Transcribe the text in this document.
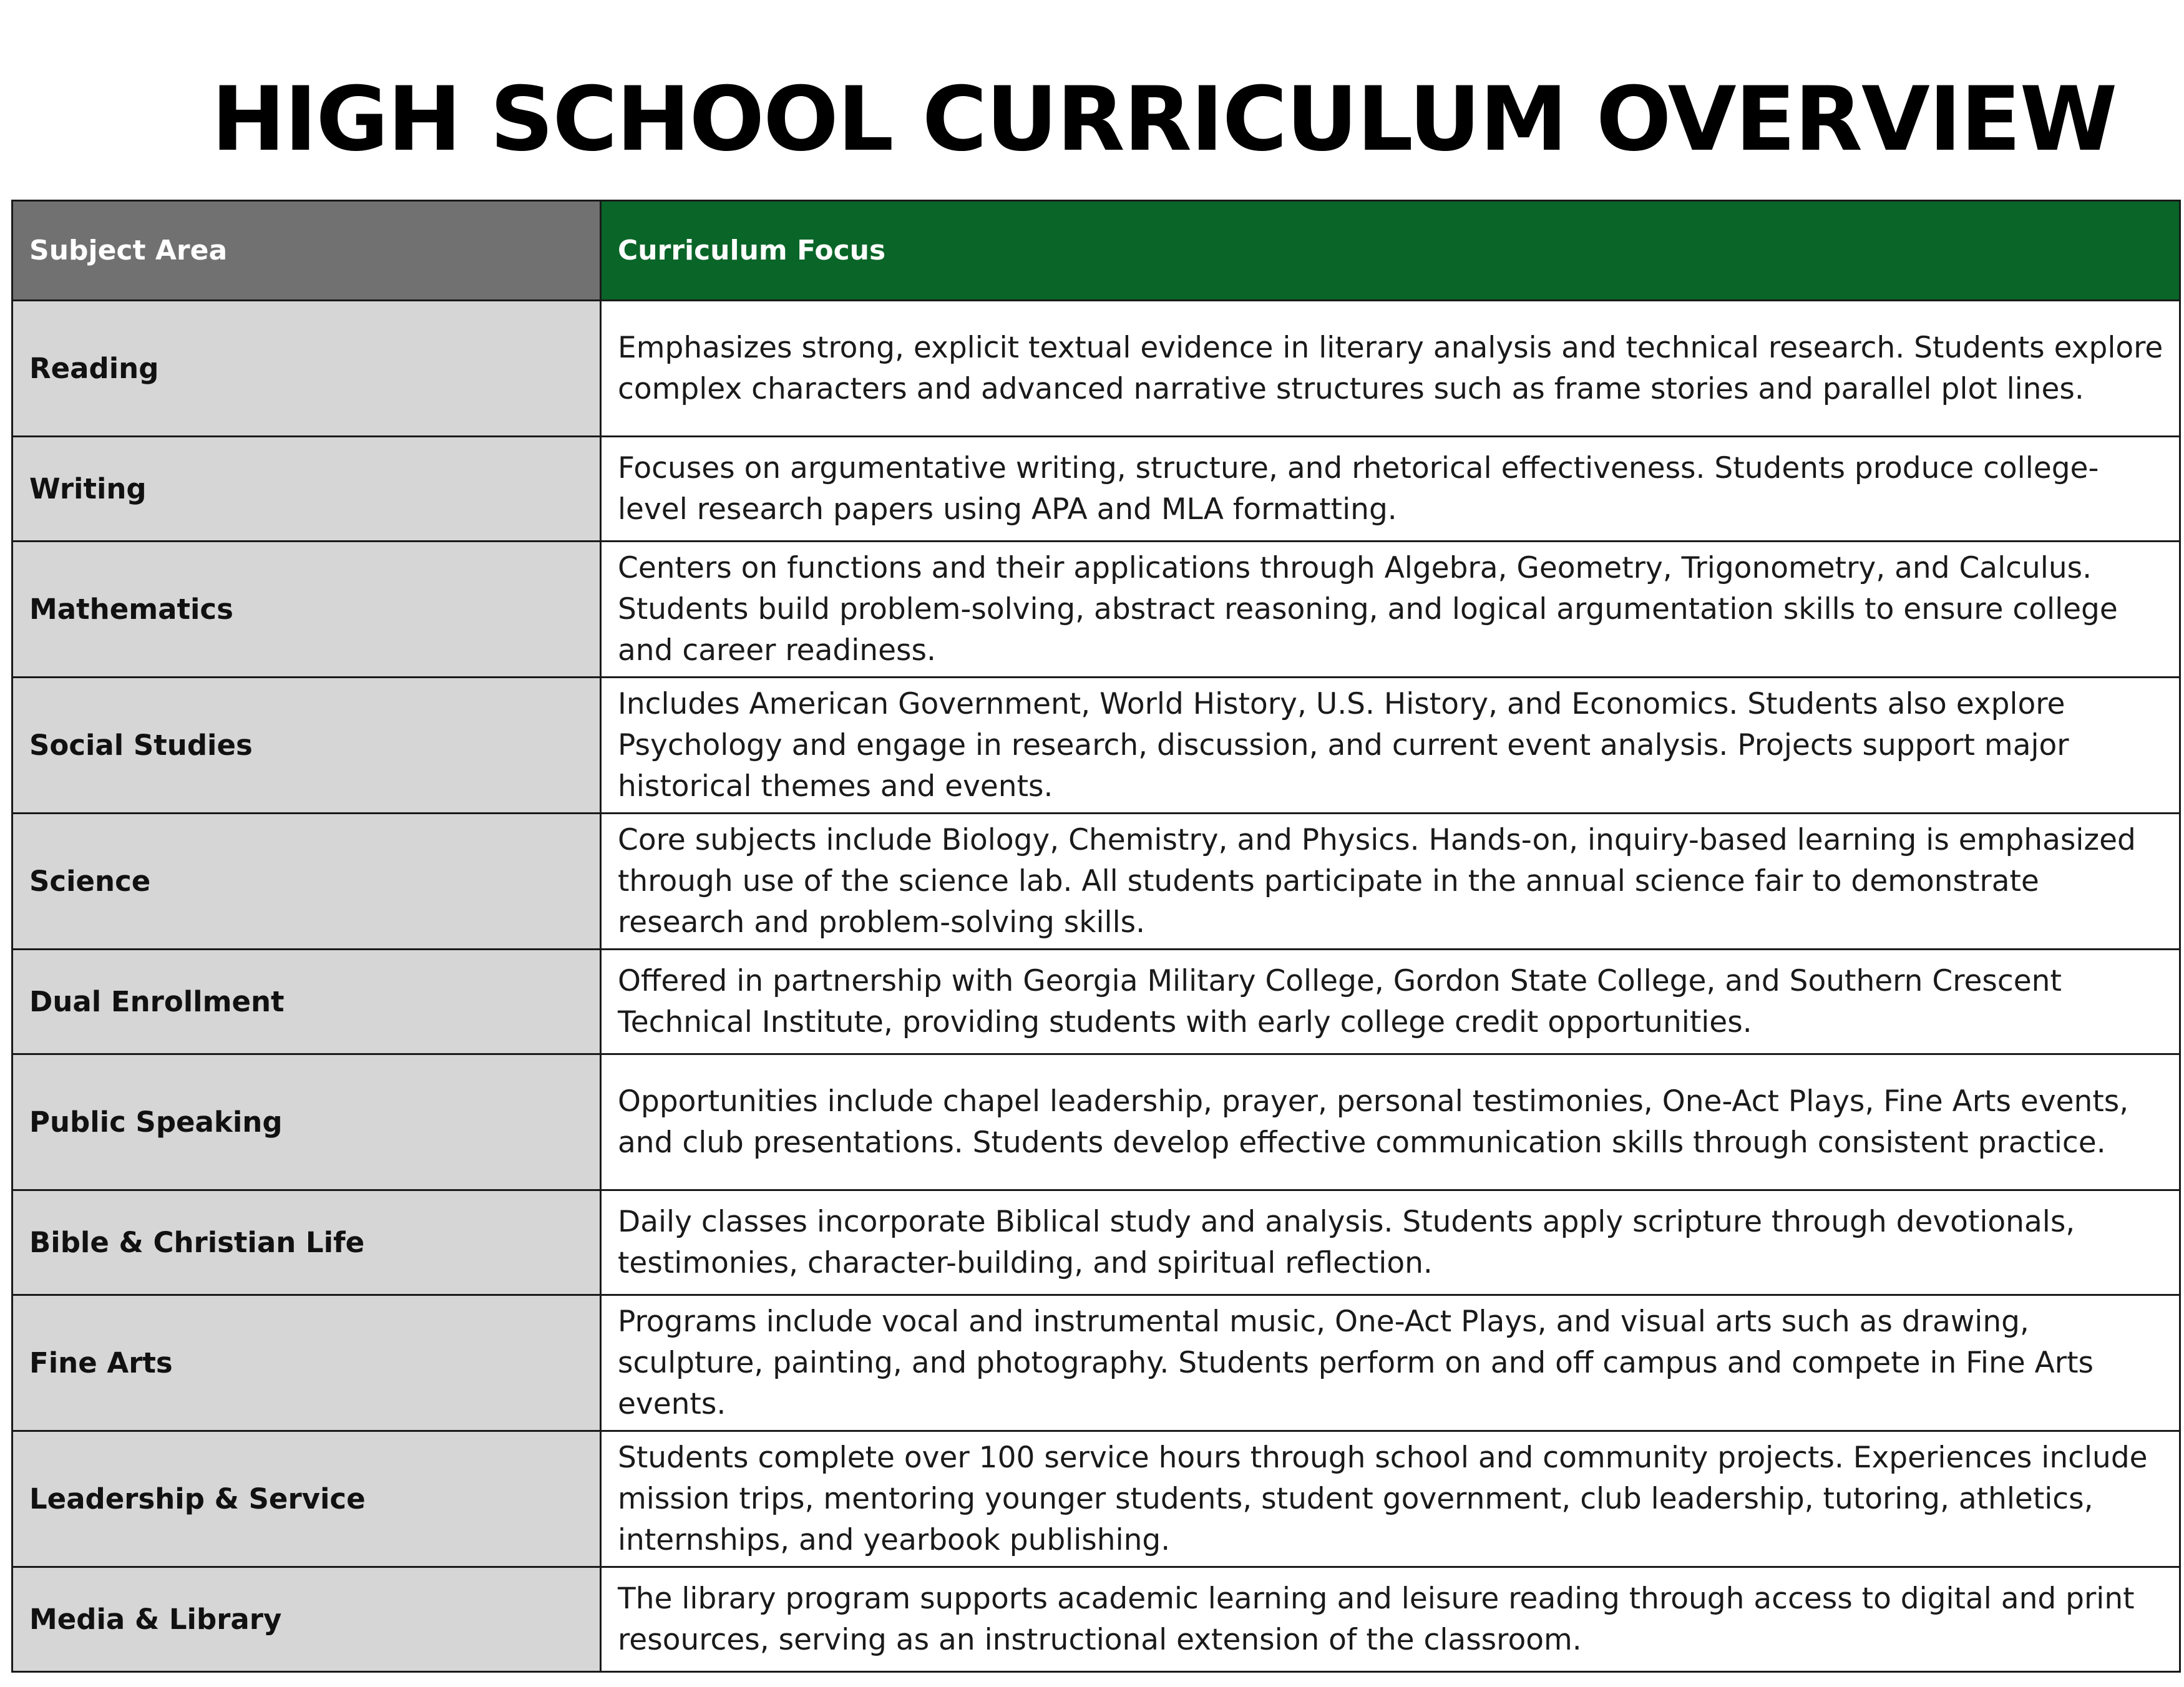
HIGH SCHOOL CURRICULUM OVERVIEW
Subject Area	Curriculum Focus
Reading	Emphasizes strong, explicit textual evidence in literary analysis and technical research. Students explore complex characters and advanced narrative structures such as frame stories and parallel plot lines.
Writing	Focuses on argumentative writing, structure, and rhetorical effectiveness. Students produce college-level research papers using APA and MLA formatting.
Mathematics	Centers on functions and their applications through Algebra, Geometry, Trigonometry, and Calculus. Students build problem-solving, abstract reasoning, and logical argumentation skills to ensure college and career readiness.
Social Studies	Includes American Government, World History, U.S. History, and Economics. Students also explore Psychology and engage in research, discussion, and current event analysis. Projects support major historical themes and events.
Science	Core subjects include Biology, Chemistry, and Physics. Hands-on, inquiry-based learning is emphasized through use of the science lab. All students participate in the annual science fair to demonstrate research and problem-solving skills.
Dual Enrollment	Offered in partnership with Georgia Military College, Gordon State College, and Southern Crescent Technical Institute, providing students with early college credit opportunities.
Public Speaking	Opportunities include chapel leadership, prayer, personal testimonies, One-Act Plays, Fine Arts events, and club presentations. Students develop effective communication skills through consistent practice.
Bible & Christian Life	Daily classes incorporate Biblical study and analysis. Students apply scripture through devotionals, testimonies, character-building, and spiritual reflection.
Fine Arts	Programs include vocal and instrumental music, One-Act Plays, and visual arts such as drawing, sculpture, painting, and photography. Students perform on and off campus and compete in Fine Arts events.
Leadership & Service	Students complete over 100 service hours through school and community projects. Experiences include mission trips, mentoring younger students, student government, club leadership, tutoring, athletics, internships, and yearbook publishing.
Media & Library	The library program supports academic learning and leisure reading through access to digital and print resources, serving as an instructional extension of the classroom.
